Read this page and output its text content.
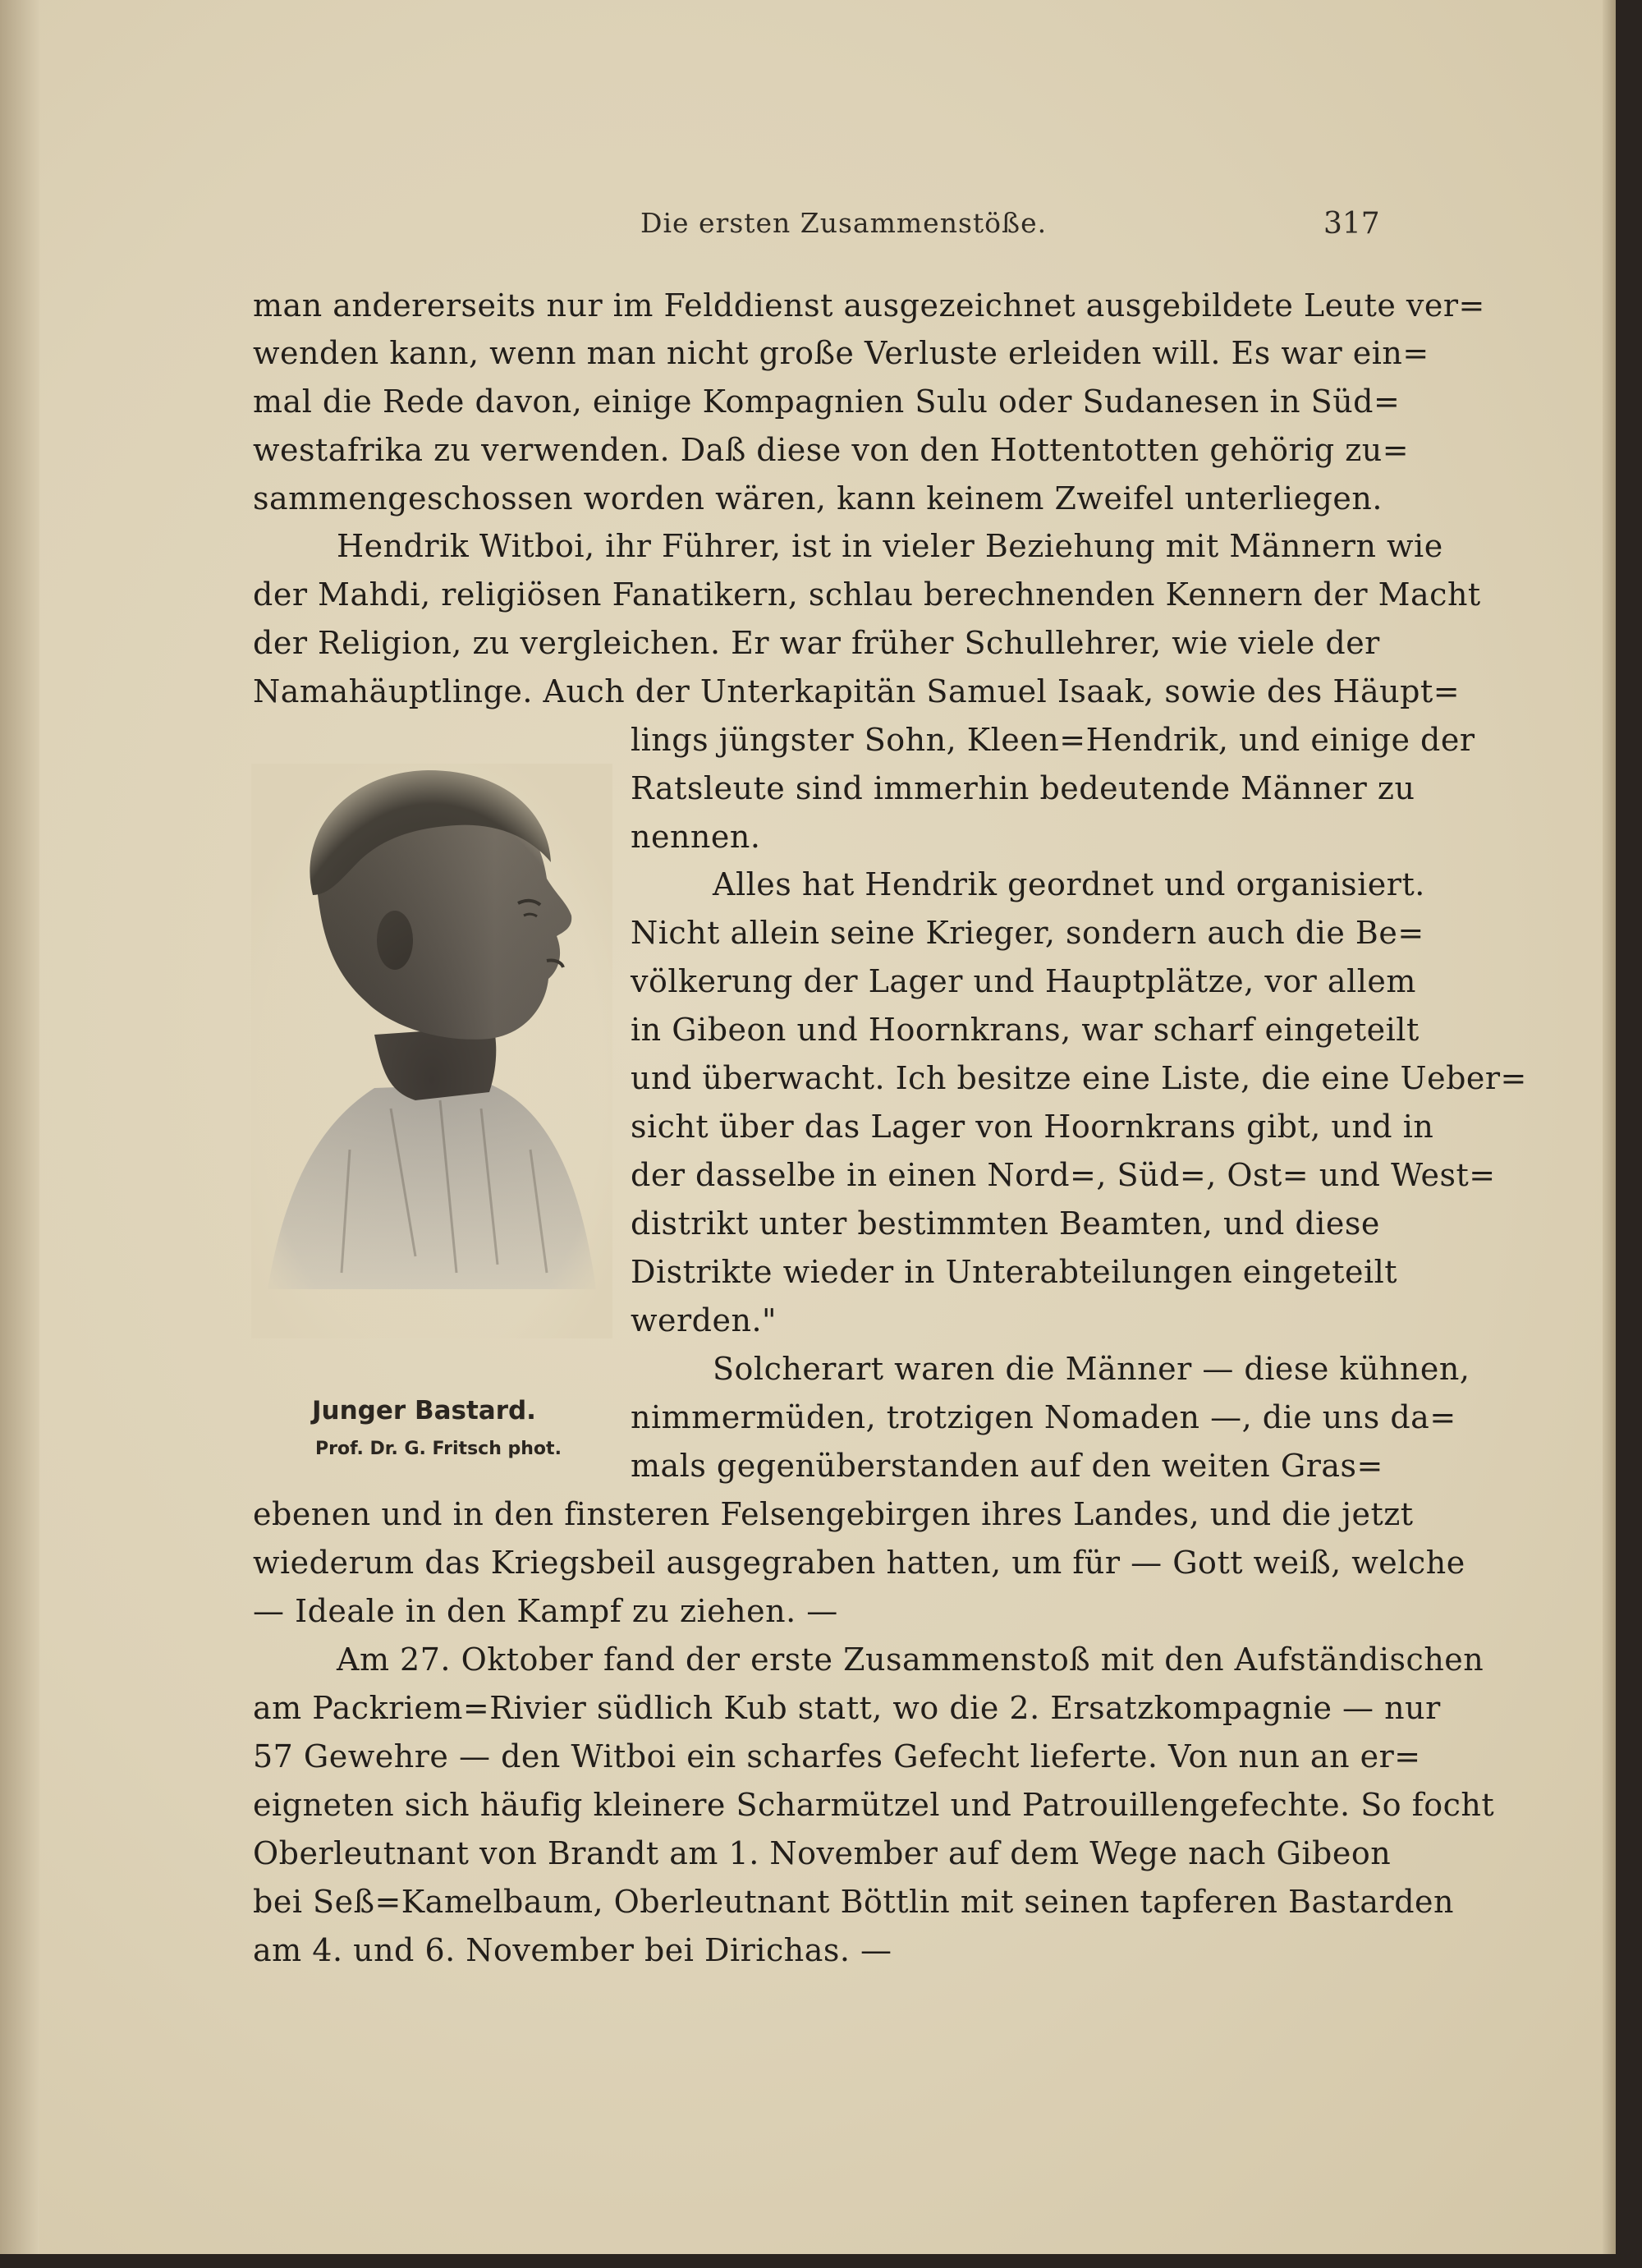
Die ersten Zusammenstöße.	317
man andererseits nur im Felddienst ausgezeichnet ausgebildete Leute ver=
wenden kann, wenn man nicht große Verluste erleiden will. Es war ein=
mal die Rede davon, einige Kompagnien Sulu oder Sudanesen in Süd=
westafrika zu verwenden. Daß diese von den Hottentotten gehörig zu=
sammengeschossen worden wären, kann keinem Zweifel unterliegen.
Hendrik Witboi, ihr Führer, ist in vieler Beziehung mit Männern wie
der Mahdi, religiösen Fanatikern, schlau berechnenden Kennern der Macht
der Religion, zu vergleichen. Er war früher Schullehrer, wie viele der
Namahäuptlinge. Auch der Unterkapitän Samuel Isaak, sowie des Häupt=
lings jüngster Sohn, Kleen=Hendrik, und einige der
Ratsleute sind immerhin bedeutende Männer zu
nennen.
Alles hat Hendrik geordnet und organisiert.
Nicht allein seine Krieger, sondern auch die Be=
völkerung der Lager und Hauptplätze, vor allem
in Gibeon und Hoornkrans, war scharf eingeteilt
und überwacht. Ich besitze eine Liste, die eine Ueber=
sicht über das Lager von Hoornkrans gibt, und in
der dasselbe in einen Nord=, Süd=, Ost= und West=
distrikt unter bestimmten Beamten, und diese
Distrikte wieder in Unterabteilungen eingeteilt
werden."
Solcherart waren die Männer — diese kühnen,
nimmermüden, trotzigen Nomaden —, die uns da=
mals gegenüberstanden auf den weiten Gras=
ebenen und in den finsteren Felsengebirgen ihres Landes, und die jetzt
wiederum das Kriegsbeil ausgegraben hatten, um für — Gott weiß, welche
— Ideale in den Kampf zu ziehen. —
Am 27. Oktober fand der erste Zusammenstoß mit den Aufständischen
am Packriem=Rivier südlich Kub statt, wo die 2. Ersatzkompagnie — nur
57 Gewehre — den Witboi ein scharfes Gefecht lieferte. Von nun an er=
eigneten sich häufig kleinere Scharmützel und Patrouillengefechte. So focht
Oberleutnant von Brandt am 1. November auf dem Wege nach Gibeon
bei Seß=Kamelbaum, Oberleutnant Böttlin mit seinen tapferen Bastarden
am 4. und 6. November bei Dirichas. —
Junger Bastard.
Prof. Dr. G. Fritsch phot.
